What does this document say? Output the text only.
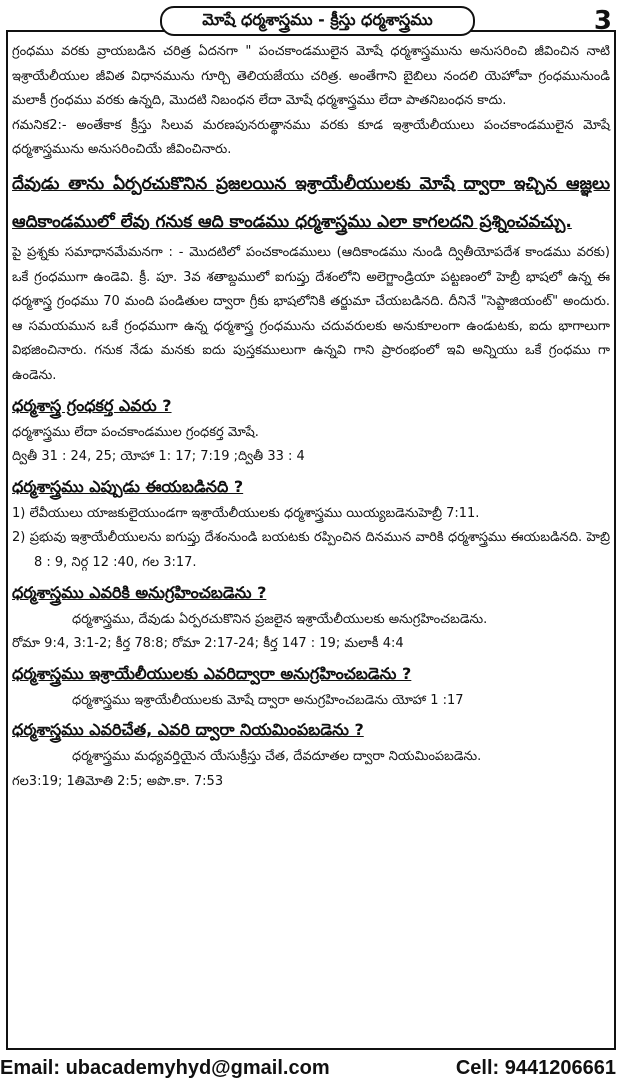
మోషే ధర్మశాస్త్రము - క్రీస్తు ధర్మశాస్త్రము	3

గ్రంధము వరకు వ్రాయబడిన చరిత్ర ఏదనగా " పంచకాండములైన మోషే ధర్మశాస్త్రమును అనుసరించి జీవించిన నాటి ఇశ్రాయేలీయుల జీవిత విధానమును గూర్చి తెలియజేయు చరిత్ర. అంతేగాని బైబిలు నందలి యెహోవా గ్రంధమునుండి మలాకీ గ్రంధము వరకు ఉన్నది, మొదటి నిబంధన లేదా మోషే ధర్మశాస్త్రము లేదా పాతనిబంధన కాదు.

గమనిక2:- అంతేకాక క్రీస్తు సిలువ మరణపునరుత్థానము వరకు కూడ ఇశ్రాయేలీయులు పంచకాండములైన మోషే ధర్మశాస్త్రమును అనుసరించియే జీవించినారు.

దేవుడు తాను ఏర్పరచుకొనిన ప్రజలయిన ఇశ్రాయేలీయులకు మోషే ద్వారా ఇచ్చిన ఆజ్ఞలు ఆదికాండములో లేవు గనుక ఆది కాండము ధర్మశాస్త్రము ఎలా కాగలదని ప్రశ్నించవచ్చు.

పై ప్రశ్నకు సమాధానమేమనగా : - మొదటిలో పంచకాండములు (ఆదికాండము నుండి ద్వితీయోపదేశ కాండము వరకు) ఒకే గ్రంధముగా ఉండెవి. క్రీ. పూ. 3వ శతాబ్దములో ఐగుప్తు దేశంలోని అలెగ్జాండ్రియా పట్టణంలో హెబ్రీ భాషలో ఉన్న ఈ ధర్మశాస్త్ర గ్రంధము 70 మంది పండితుల ద్వారా గ్రీకు భాషలోనికి తర్జుమా చేయబడినది. దీనినే "సెప్టాజియంట్" అందురు. ఆ సమయమున ఒకే గ్రంధముగా ఉన్న ధర్మశాస్త్ర గ్రంధమును చదువరులకు అనుకూలంగా ఉండుటకు, ఐదు భాగాలుగా విభజించినారు. గనుక నేడు మనకు ఐదు పుస్తకములుగా ఉన్నవి గాని ప్రారంభంలో ఇవి అన్నియు ఒకే గ్రంధము గా ఉండెను.

ధర్మశాస్త్ర గ్రంధకర్త ఎవరు ?

ధర్మశాస్త్రము లేదా పంచకాండముల గ్రంధకర్త మోషే.

ద్వితీ 31 : 24, 25; యోహా 1: 17; 7:19 ;ద్వితీ 33 : 4

ధర్మశాస్త్రము ఎప్పుడు ఈయబడినది ?

1) లేవీయులు యాజకులైయుండగా ఇశ్రాయేలీయులకు ధర్మశాస్త్రము యియ్యబడెనుహెబ్రీ 7:11.

2) ప్రభువు ఇశ్రాయేలీయులను ఐగుప్తు దేశంనుండి బయటకు రప్పించిన దినమున వారికి ధర్మశాస్త్రము ఈయబడినది. హెబ్రి 8 : 9, నిర్గ 12 :40, గల 3:17.

ధర్మశాస్త్రము ఎవరికి అనుగ్రహించబడెను ?

ధర్మశాస్త్రము, దేవుడు ఏర్పరచుకొనిన ప్రజలైన ఇశ్రాయేలీయులకు అనుగ్రహించబడెను.

రోమా 9:4, 3:1-2; కీర్త 78:8; రోమా 2:17-24; కీర్త 147 : 19; మలాకీ 4:4

ధర్మశాస్త్రము ఇశ్రాయేలీయులకు ఎవరిద్వారా అనుగ్రహించబడెను ?

ధర్మశాస్త్రము ఇశ్రాయేలీయులకు మోషే ద్వారా అనుగ్రహించబడెను యోహా 1 :17

ధర్మశాస్త్రము ఎవరిచేత, ఎవరి ద్వారా నియమింపబడెను ?

ధర్మశాస్త్రము మధ్యవర్తియైన యేసుక్రీస్తు చేత, దేవదూతల ద్వారా నియమింపబడెను.

గల3:19; 1తిమోతి 2:5; అపొ.కా. 7:53

Email: ubacademyhyd@gmail.com	Cell: 9441206661
